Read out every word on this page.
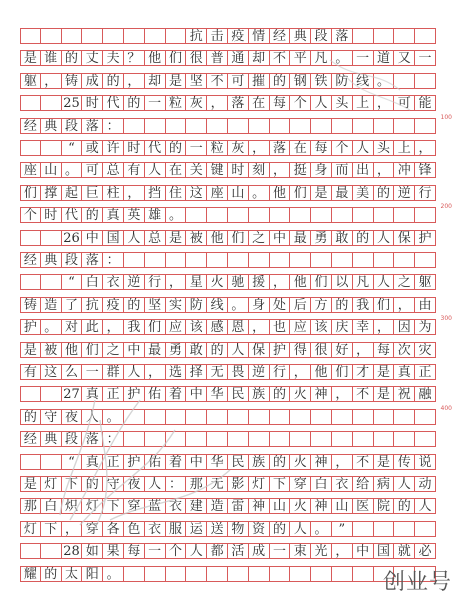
抗 击 疫 情 经 典 段 落
是 谁 的 丈 夫 ？ 他 们 很 普 通 却 不 平 凡 。 一 道 又 一
躯 ， 铸 成 的 ， 却 是 坚 不 可 摧 的 钢 铁 防 线 。

25 时 代 的 一 粒 灰 ， 落 在 每 个 人 头 上 ， 可 能
经 典 段 落 ：

“ 或 许 时 代 的 一 粒 灰 ， 落 在 每 个 人 头 上 ，
座 山 。 可 总 有 人 在 关 键 时 刻 ， 挺 身 而 出 ， 冲 锋
们 撑 起 巨 柱 ， 挡 住 这 座 山 。 他 们 是 最 美 的 逆 行
个 时 代 的 真 英 雄 。

26 中 国 人 总 是 被 他 们 之 中 最 勇 敢 的 人 保 护
经 典 段 落 ：

“ 白 衣 逆 行 ， 星 火 驰 援 ， 他 们 以 凡 人 之 躯
铸 造 了 抗 疫 的 坚 实 防 线 。 身 处 后 方 的 我 们 ， 由
护 。 对 此 ， 我 们 应 该 感 恩 ， 也 应 该 庆 幸 ， 因 为
是 被 他 们 之 中 最 勇 敢 的 人 保 护 得 很 好 ， 每 次 灾
有 这 么 一 群 人 ， 选 择 无 畏 逆 行 ， 他 们 才 是 真 正

27 真 正 护 佑 着 中 华 民 族 的 火 神 ， 不 是 祝 融
的 守 夜 人 。
经 典 段 落 ：

“ 真 正 护 佑 着 中 华 民 族 的 火 神 ， 不 是 传 说
是 灯 下 的 守 夜 人 ： 那 无 影 灯 下 穿 白 衣 给 病 人 动
那 白 炽 灯 下 穿 蓝 衣 建 造 雷 神 山 火 神 山 医 院 的 人
灯 下 ， 穿 各 色 衣 服 运 送 物 资 的 人 。 ”

28 如 果 每 一 个 人 都 活 成 一 束 光 ， 中 国 就 必
耀 的 太 阳 。	创业号
100
200
300
400
